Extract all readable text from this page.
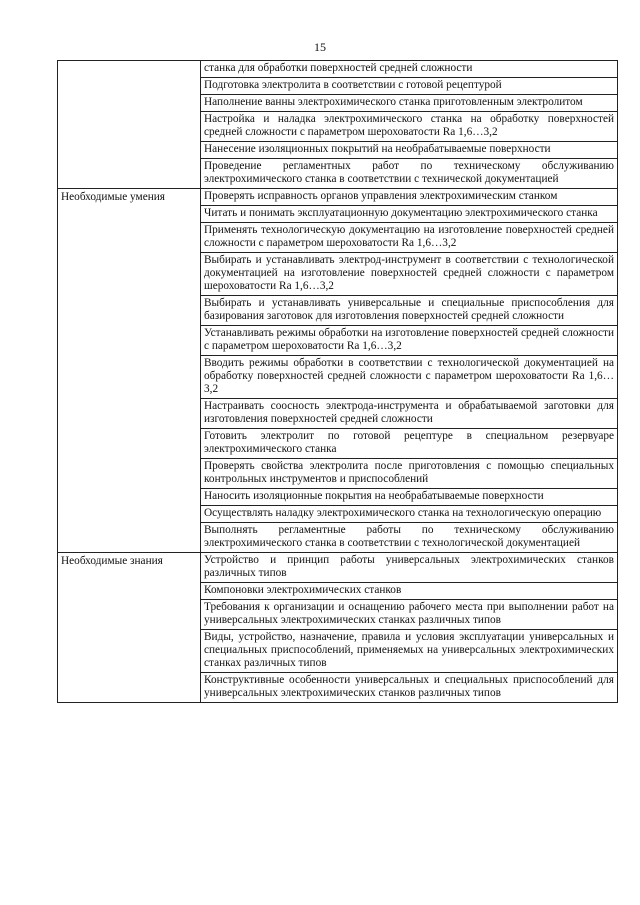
15
	станка для обработки поверхностей средней сложности
	Подготовка электролита в соответствии с готовой рецептурой
	Наполнение ванны электрохимического станка приготовленным электролитом
	Настройка и наладка электрохимического станка на обработку поверхностей средней сложности с параметром шероховатости Ra 1,6…3,2
	Нанесение изоляционных покрытий на необрабатываемые поверхности
	Проведение регламентных работ по техническому обслуживанию электрохимического станка в соответствии с технической документацией
Необходимые умения	Проверять исправность органов управления электрохимическим станком
	Читать и понимать эксплуатационную документацию электрохимического станка
	Применять технологическую документацию на изготовление поверхностей средней сложности с параметром шероховатости Ra 1,6…3,2
	Выбирать и устанавливать электрод-инструмент в соответствии с технологической документацией на изготовление поверхностей средней сложности с параметром шероховатости Ra 1,6…3,2
	Выбирать и устанавливать универсальные и специальные приспособления для базирования заготовок для изготовления поверхностей средней сложности
	Устанавливать режимы обработки на изготовление поверхностей средней сложности с параметром шероховатости Ra 1,6…3,2
	Вводить режимы обработки в соответствии с технологической документацией на обработку поверхностей средней сложности с параметром шероховатости Ra 1,6…3,2
	Настраивать соосность электрода-инструмента и обрабатываемой заготовки для изготовления поверхностей средней сложности
	Готовить электролит по готовой рецептуре в специальном резервуаре электрохимического станка
	Проверять свойства электролита после приготовления с помощью специальных контрольных инструментов и приспособлений
	Наносить изоляционные покрытия на необрабатываемые поверхности
	Осуществлять наладку электрохимического станка на технологическую операцию
	Выполнять регламентные работы по техническому обслуживанию электрохимического станка в соответствии с технологической документацией
Необходимые знания	Устройство и принцип работы универсальных электрохимических станков различных типов
	Компоновки электрохимических станков
	Требования к организации и оснащению рабочего места при выполнении работ на универсальных электрохимических станках различных типов
	Виды, устройство, назначение, правила и условия эксплуатации универсальных и специальных приспособлений, применяемых на универсальных электрохимических станках различных типов
	Конструктивные особенности универсальных и специальных приспособлений для универсальных электрохимических станков различных типов
